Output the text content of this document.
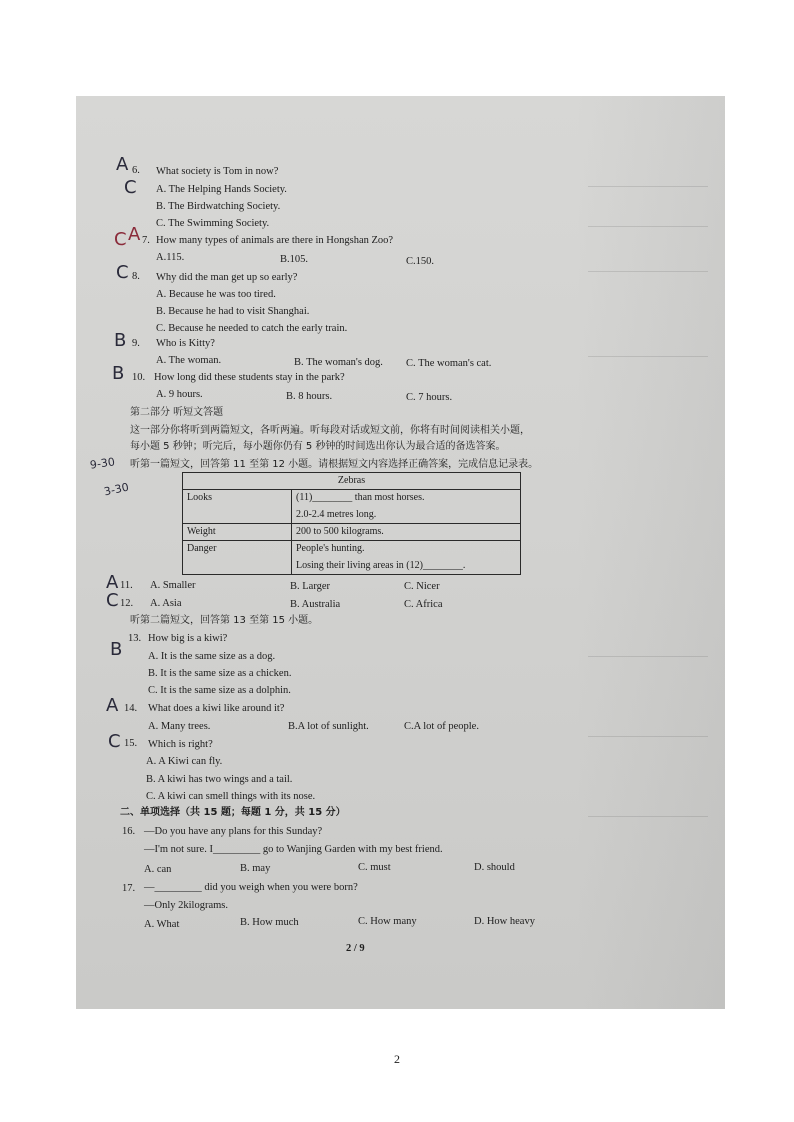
6. What society is Tom in now?
A. The Helping Hands Society.
B. The Birdwatching Society.
C. The Swimming Society.
7. How many types of animals are there in Hongshan Zoo?
A.115.	B.105.	C.150.
8. Why did the man get up so early?
A. Because he was too tired.
B. Because he had to visit Shanghai.
C. Because he needed to catch the early train.
9. Who is Kitty?
A. The woman.	B. The woman's dog. C. The woman's cat.
10. How long did these students stay in the park?
A. 9 hours.	B. 8 hours.	C. 7 hours.
第二部分 听短文答题
这一部分你将听到两篇短文，各听两遍。听每段对话或短文前，你将有时间阅读相关小题，
每小题 5 秒钟；听完后，每小题你仍有 5 秒钟的时间选出你认为最合适的备选答案。
听第一篇短文，回答第 11 至第 12 小题。请根据短文内容选择正确答案，完成信息记录表。
Zebras	
Looks	(11)________ than most horses.
2.0-2.4 metres long.

Weight	200 to 500 kilograms.
Danger	People's hunting.
Losing their living areas in (12)________.
11. A. Smaller	B. Larger	C. Nicer
12. A. Asia	B. Australia	C. Africa
听第二篇短文，回答第 13 至第 15 小题。
13. How big is a kiwi?
A. It is the same size as a dog.
B. It is the same size as a chicken.
C. It is the same size as a dolphin.
14. What does a kiwi like around it?
A. Many trees.	B.A lot of sunlight.	C.A lot of people.
15. Which is right?
A. A Kiwi can fly.
B. A kiwi has two wings and a tail.
C. A kiwi can smell things with its nose.
二、单项选择（共 15 题；每题 1 分，共 15 分）
16. —Do you have any plans for this Sunday?
—I'm not sure. I_________ go to Wanjing Garden with my best friend.
A. can	B. may	C. must	D. should
17. —_________ did you weigh when you were born?
—Only 2kilograms.
A. What	B. How much	C. How many	D. How heavy
2 / 9
A
C
C A
C
B
B
9-30
3-30
A
C
B
A
C
2
